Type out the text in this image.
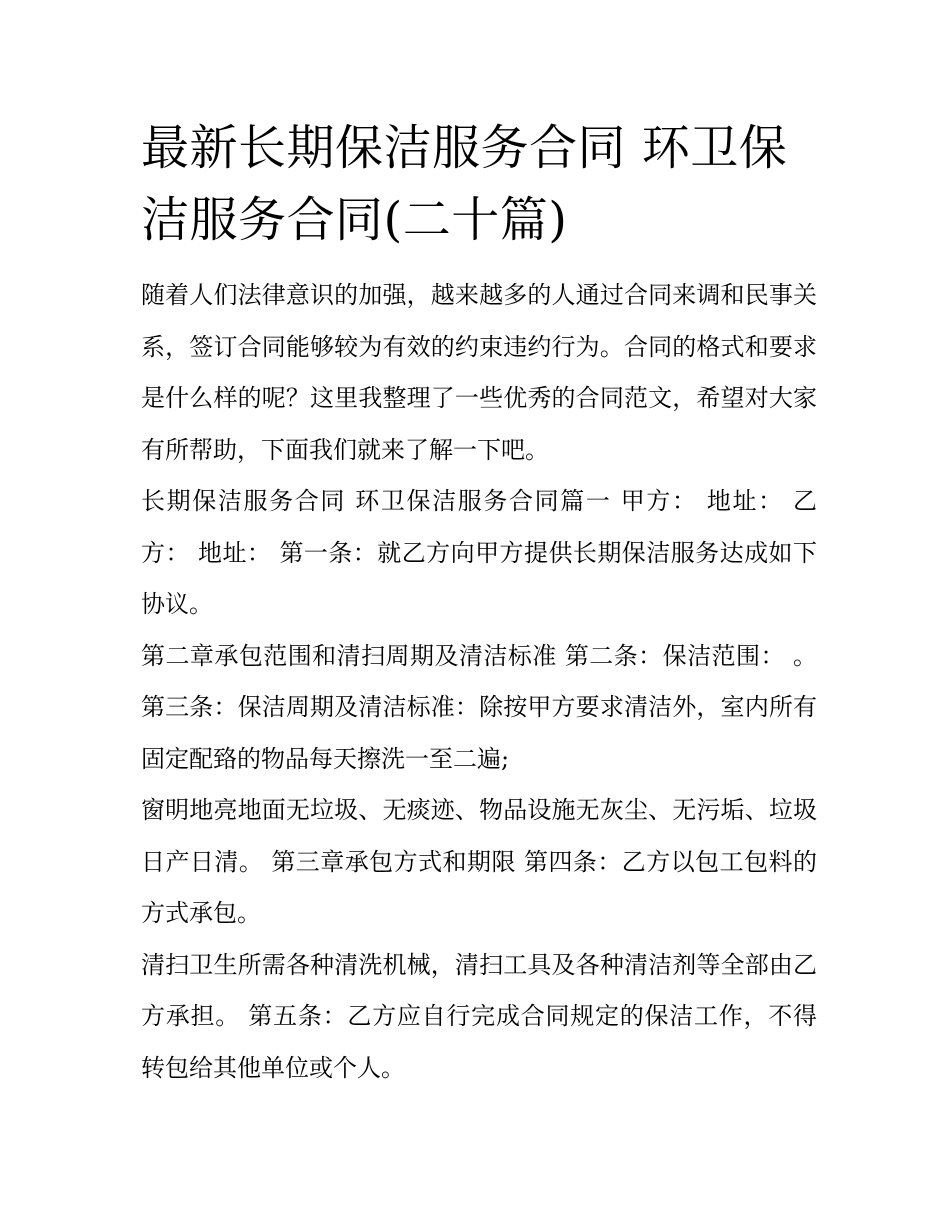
最新长期保洁服务合同 环卫保洁服务合同(二十篇)

随着人们法律意识的加强，越来越多的人通过合同来调和民事关系，签订合同能够较为有效的约束违约行为。合同的格式和要求是什么样的呢？这里我整理了一些优秀的合同范文，希望对大家有所帮助，下面我们就来了解一下吧。

长期保洁服务合同 环卫保洁服务合同篇一 甲方： 地址： 乙方： 地址： 第一条：就乙方向甲方提供长期保洁服务达成如下协议。

第二章承包范围和清扫周期及清洁标准 第二条：保洁范围： 。 第三条：保洁周期及清洁标准：除按甲方要求清洁外，室内所有固定配臵的物品每天擦洗一至二遍;

窗明地亮地面无垃圾、无痰迹、物品设施无灰尘、无污垢、垃圾日产日清。 第三章承包方式和期限 第四条：乙方以包工包料的方式承包。

清扫卫生所需各种清洗机械，清扫工具及各种清洁剂等全部由乙方承担。 第五条：乙方应自行完成合同规定的保洁工作，不得转包给其他单位或个人。
